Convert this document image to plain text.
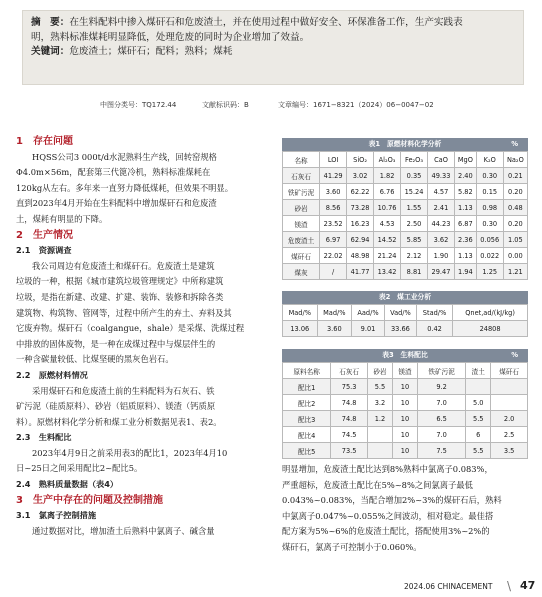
摘　要：在生料配料中掺入煤矸石和危废渣土，并在使用过程中做好安全、环保准备工作，生产实践表

明，熟料标准煤耗明显降低，处理危废的同时为企业增加了效益。

关键词：危废渣土；煤矸石；配料；熟料；煤耗

中图分类号：TQ172.44	文献标识码：B	文章编号：1671−8321（2024）06−0047−02
1　 存在问题

HQSS公司3 000t/d水泥熟料生产线，回转窑规格

Φ4.0m×56m，配套第三代篦冷机，熟料标准煤耗在

120kg从左右。多年来一直努力降低煤耗，但效果不明显。

直到2023年4月开始在生料配料中增加煤矸石和危废渣

土，煤耗有明显的下降。

2　 生产情况
2.1　资源调查

我公司周边有危废渣土和煤矸石。危废渣土是建筑

垃圾的一种，根据《城市建筑垃圾管理规定》中所称建筑

垃圾，是指在新建、改建、扩建、装饰、装修和拆除各类

建筑物、构筑物、管网等，过程中所产生的弃土、弃料及其

它废弃物。煤矸石（coalgangue，shale）是采煤、洗煤过程

中排放的固体废物，是一种在成煤过程中与煤层伴生的

一种含碳量较低、比煤坚硬的黑灰色岩石。

2.2　原燃材料情况

采用煤矸石和危废渣土前的生料配料为石灰石、铁

矿污泥（硅质原料）、砂岩（铝质原料）、镁渣（钙质原

料）。原燃材料化学分析和煤工业分析数据见表1、表2。

2.3　生料配比

2023年4月9日之前采用表3的配比1，2023年4月10

日~25日之间采用配比2~配比5。

2.4　熟料质量数据（表4）
3　 生产中存在的问题及控制措施
3.1　氯离子控制措施

通过数据对比，增加渣土后熟料中氯离子、碱含量

表1　原燃材料化学分析	%
名称	LOI	SiO₂	Al₂O₃	Fe₂O₃	CaO	MgO	K₂O	Na₂O
石灰石	41.29	3.02	1.82	0.35	49.33	2.40	0.30	0.21
铁矿污泥	3.60	62.22	6.76	15.24	4.57	5.82	0.15	0.20
砂岩	8.56	73.28	10.76	1.55	2.41	1.13	0.98	0.48
镁渣	23.52	16.23	4.53	2.50	44.23	6.87	0.30	0.20
危废渣土	6.97	62.94	14.52	5.85	3.62	2.36	0.056	1.05
煤矸石	22.02	48.98	21.24	2.12	1.90	1.13	0.022	0.00
煤灰	/	41.77	13.42	8.81	29.47	1.94	1.25	1.21
表2　煤工业分析
Mad/%	Mad/%	Aad/%	Vad/%	Stad/%	Qnet,ad/(kJ/kg)
13.06	3.60	9.01	33.66	0.42	24808
表3　生料配比	%
原料名称	石灰石	砂岩	镁渣	铁矿污泥	渣土	煤矸石
配比1	75.3	5.5	10	9.2		
配比2	74.8	3.2	10	7.0	5.0	
配比3	74.8	1.2	10	6.5	5.5	2.0
配比4	74.5		10	7.0	6	2.5
配比5	73.5		10	7.5	5.5	3.5

明显增加，危废渣土配比达到8%熟料中氯离子0.083%，

严重超标，危废渣土配比在5%~8%之间氯离子最低

0.043%~0.083%，当配合增加2%~3%的煤矸石后，熟料

中氯离子0.047%~0.055%之间波动，相对稳定。最佳搭

配方案为5%~6%的危废渣土配比，搭配使用3%~2%的

煤矸石，氯离子可控制小于0.060%。

2024.06 CHINACEMENT \ 47
